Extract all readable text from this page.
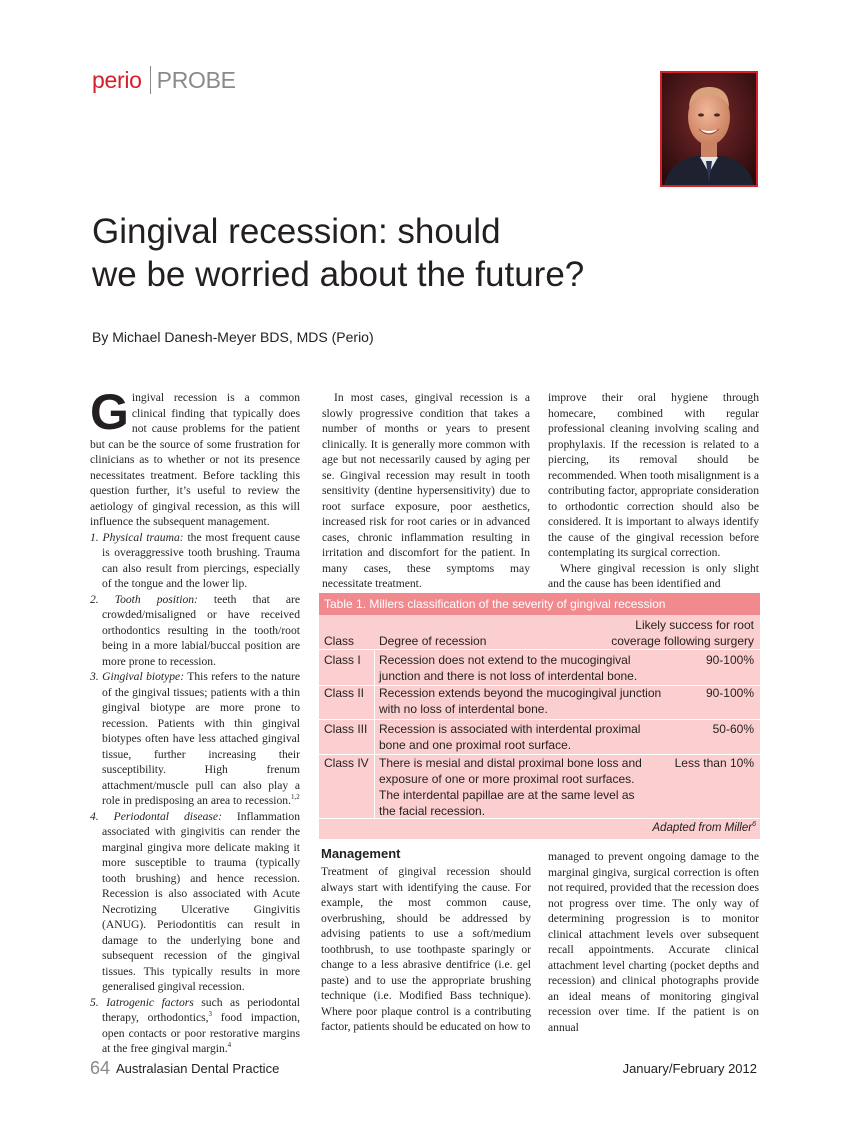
perio PROBE
Gingival recession: should
we be worried about the future?
By Michael Danesh-Meyer BDS, MDS (Perio)

Gingival recession is a common clinical finding that typically does not cause problems for the patient but can be the source of some frustration for clinicians as to whether or not its presence necessitates treatment. Before tackling this question further, it’s useful to review the aetiology of gingival recession, as this will influence the subsequent management.

1. Physical trauma: the most frequent cause is overaggressive tooth brushing. Trauma can also result from piercings, especially of the tongue and the lower lip.

2. Tooth position: teeth that are crowded/misaligned or have received orthodontics resulting in the tooth/root being in a more labial/buccal position are more prone to recession.

3. Gingival biotype: This refers to the nature of the gingival tissues; patients with a thin gingival biotype are more prone to recession. Patients with thin gingival biotypes often have less attached gingival tissue, further increasing their susceptibility. High frenum attachment/muscle pull can also play a role in predisposing an area to recession.$^{1,2}$

4. Periodontal disease: Inflammation associated with gingivitis can render the marginal gingiva more delicate making it more susceptible to trauma (typically tooth brushing) and hence recession. Recession is also associated with Acute Necrotizing Ulcerative Gingivitis (ANUG). Periodontitis can result in damage to the underlying bone and subsequent recession of the gingival tissues. This typically results in more generalised gingival recession.

5. Iatrogenic factors such as periodontal therapy, orthodontics,$^3$ food impaction, open contacts or poor restorative margins at the free gingival margin.$^4$

In most cases, gingival recession is a slowly progressive condition that takes a number of months or years to present clinically. It is generally more common with age but not necessarily caused by aging per se. Gingival recession may result in tooth sensitivity (dentine hypersensitivity) due to root surface exposure, poor aesthetics, increased risk for root caries or in advanced cases, chronic inflammation resulting in irritation and discomfort for the patient. In many cases, these symptoms may necessitate treatment.

improve their oral hygiene through homecare, combined with regular professional cleaning involving scaling and prophylaxis. If the recession is related to a piercing, its removal should be recommended. When tooth misalignment is a contributing factor, appropriate consideration to orthodontic correction should also be considered. It is important to always identify the cause of the gingival recession before contemplating its surgical correction.

Where gingival recession is only slight and the cause has been identified and

Table 1. Millers classification of the severity of gingival recession
Likely success for root
Class Degree of recession	coverage following surgery
Class I Recession does not extend to the mucogingival
junction and there is not loss of interdental bone.
90-100%
Class II Recession extends beyond the mucogingival junction
with no loss of interdental bone.
90-100%
Class III Recession is associated with interdental proximal
bone and one proximal root surface.
50-60%
Class IV There is mesial and distal proximal bone loss and
exposure of one or more proximal root surfaces.
The interdental papillae are at the same level as
the facial recession.
Less than 10%
Adapted from Miller$^6$
Management

Treatment of gingival recession should always start with identifying the cause. For example, the most common cause, overbrushing, should be addressed by advising patients to use a soft/medium toothbrush, to use toothpaste sparingly or change to a less abrasive dentifrice (i.e. gel paste) and to use the appropriate brushing technique (i.e. Modified Bass technique). Where poor plaque control is a contributing factor, patients should be educated on how to

managed to prevent ongoing damage to the marginal gingiva, surgical correction is often not required, provided that the recession does not progress over time. The only way of determining progression is to monitor clinical attachment levels over subsequent recall appointments. Accurate clinical attachment level charting (pocket depths and recession) and clinical photographs provide an ideal means of monitoring gingival recession over time. If the patient is on annual

64 Australasian Dental Practice	January/February 2012
